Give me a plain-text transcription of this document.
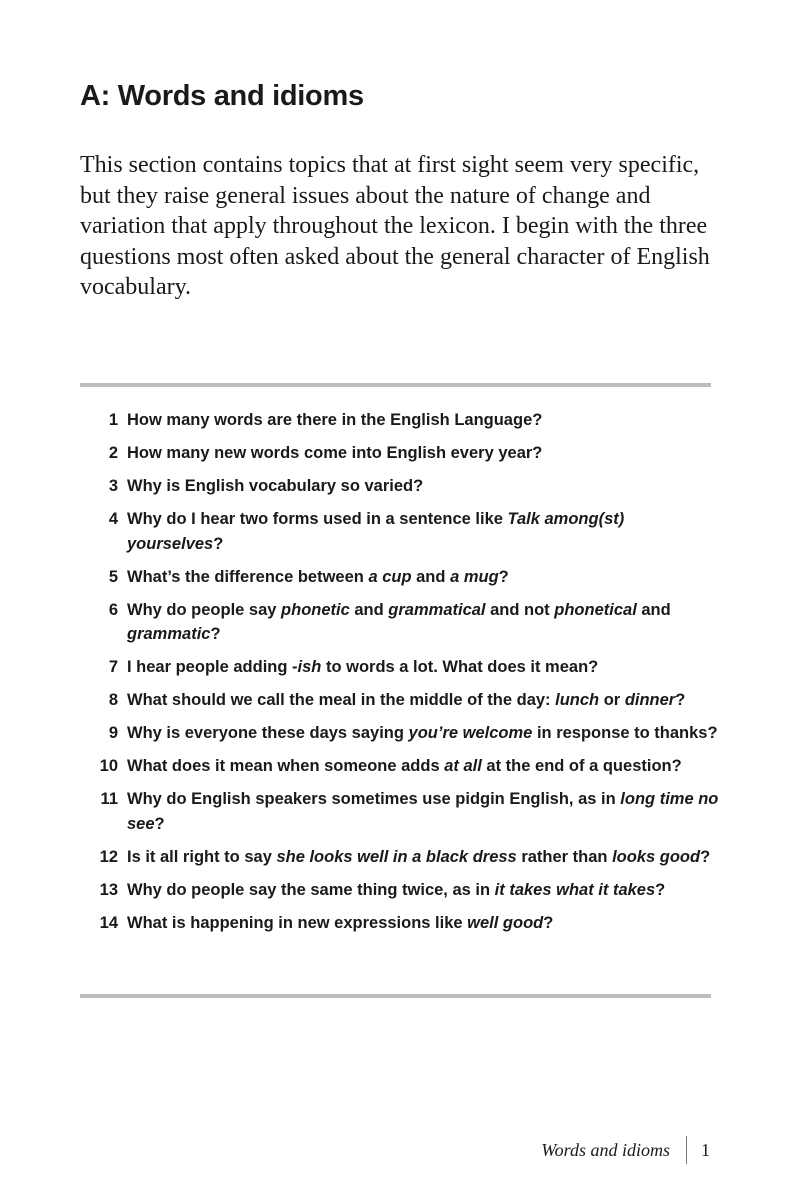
A: Words and idioms

This section contains topics that at first sight seem very specific, but they raise general issues about the nature of change and variation that apply throughout the lexicon. I begin with the three questions most often asked about the general character of English vocabulary.

1 How many words are there in the English Language?
2 How many new words come into English every year?
3 Why is English vocabulary so varied?
4 Why do I hear two forms used in a sentence like Talk among(st) yourselves?
5 What’s the difference between a cup and a mug?
6 Why do people say phonetic and grammatical and not phonetical and grammatic?
7 I hear people adding -ish to words a lot. What does it mean?
8 What should we call the meal in the middle of the day: lunch or dinner?
9 Why is everyone these days saying you’re welcome in response to thanks?
10 What does it mean when someone adds at all at the end of a question?
11 Why do English speakers sometimes use pidgin English, as in long time no see?
12 Is it all right to say she looks well in a black dress rather than looks good?
13 Why do people say the same thing twice, as in it takes what it takes?
14 What is happening in new expressions like well good?
Words and idioms 1
